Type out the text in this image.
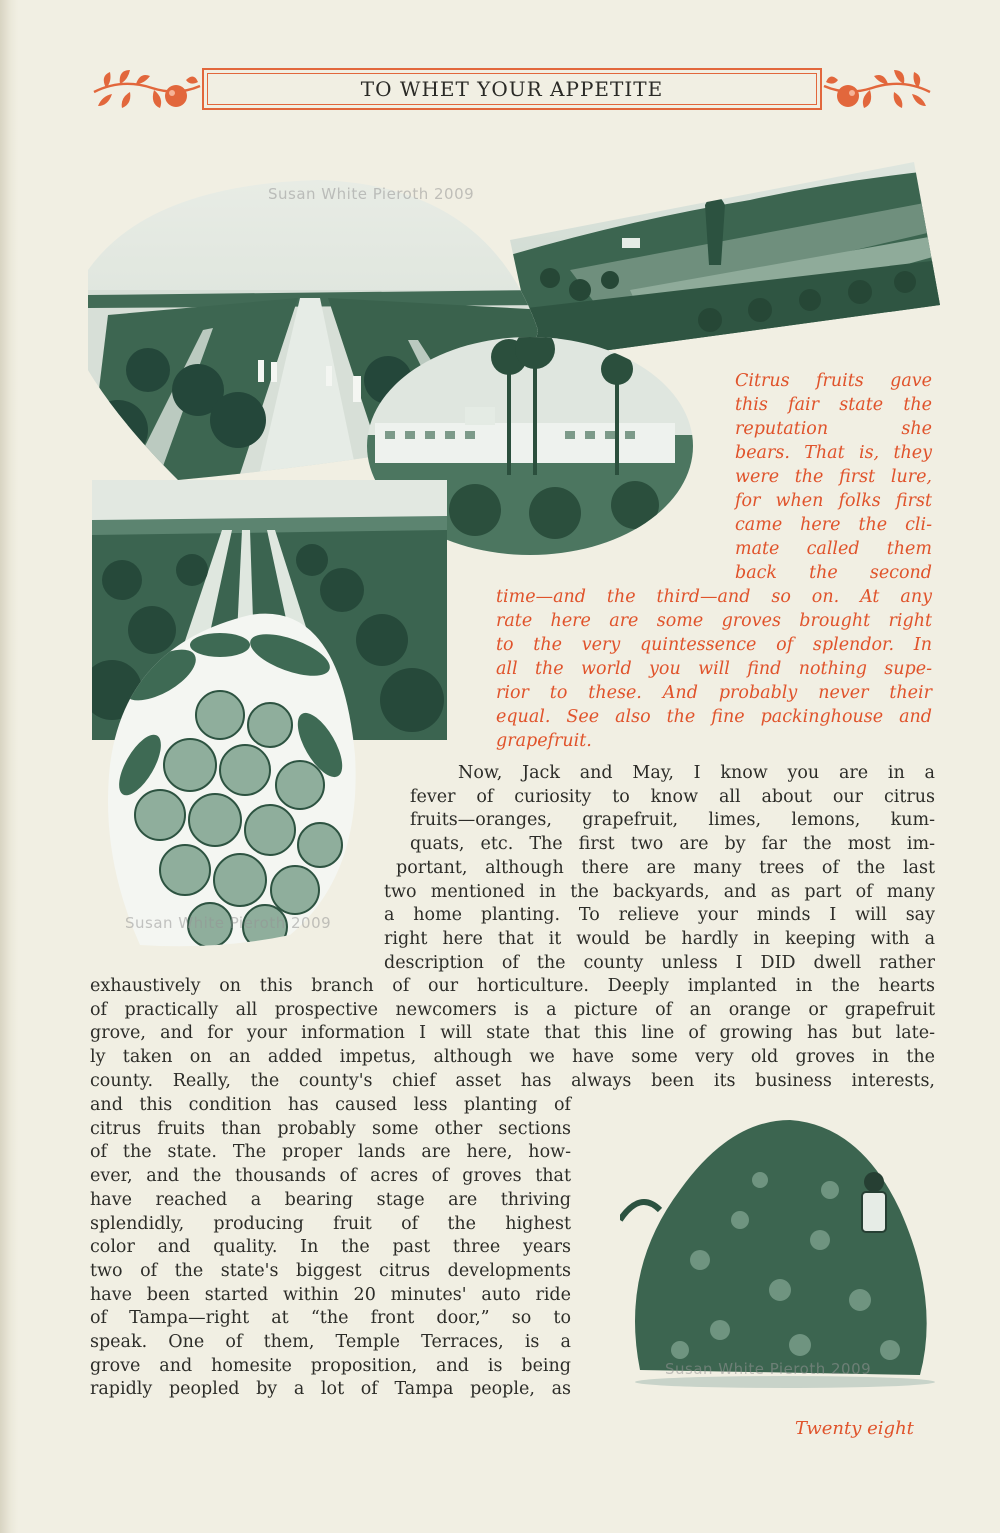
TO WHET YOUR APPETITE
Susan White Pieroth 2009
Susan White Pieroth 2009
Susan White Pieroth 2009
Citrus fruits gave
this fair state the
reputation she
bears. That is, they
were the first lure,
for when folks first
came here the cli-
mate called them
back the second
time—and the third—and so on. At any
rate here are some groves brought right
to the very quintessence of splendor. In
all the world you will find nothing supe-
rior to these. And probably never their
equal. See also the fine packinghouse and
grapefruit.
Now, Jack and May, I know you are in a
fever of curiosity to know all about our citrus
fruits—oranges, grapefruit, limes, lemons, kum-
quats, etc. The first two are by far the most im-
portant, although there are many trees of the last
two mentioned in the backyards, and as part of many
a home planting. To relieve your minds I will say
right here that it would be hardly in keeping with a
description of the county unless I DID dwell rather
exhaustively on this branch of our horticulture. Deeply implanted in the hearts
of practically all prospective newcomers is a picture of an orange or grapefruit
grove, and for your information I will state that this line of growing has but late-
ly taken on an added impetus, although we have some very old groves in the
county. Really, the county's chief asset has always been its business interests,
and this condition has caused less planting of
citrus fruits than probably some other sections
of the state. The proper lands are here, how-
ever, and the thousands of acres of groves that
have reached a bearing stage are thriving
splendidly, producing fruit of the highest
color and quality. In the past three years
two of the state's biggest citrus developments
have been started within 20 minutes' auto ride
of Tampa—right at “the front door,” so to
speak. One of them, Temple Terraces, is a
grove and homesite proposition, and is being
rapidly peopled by a lot of Tampa people, as
Twenty eight
